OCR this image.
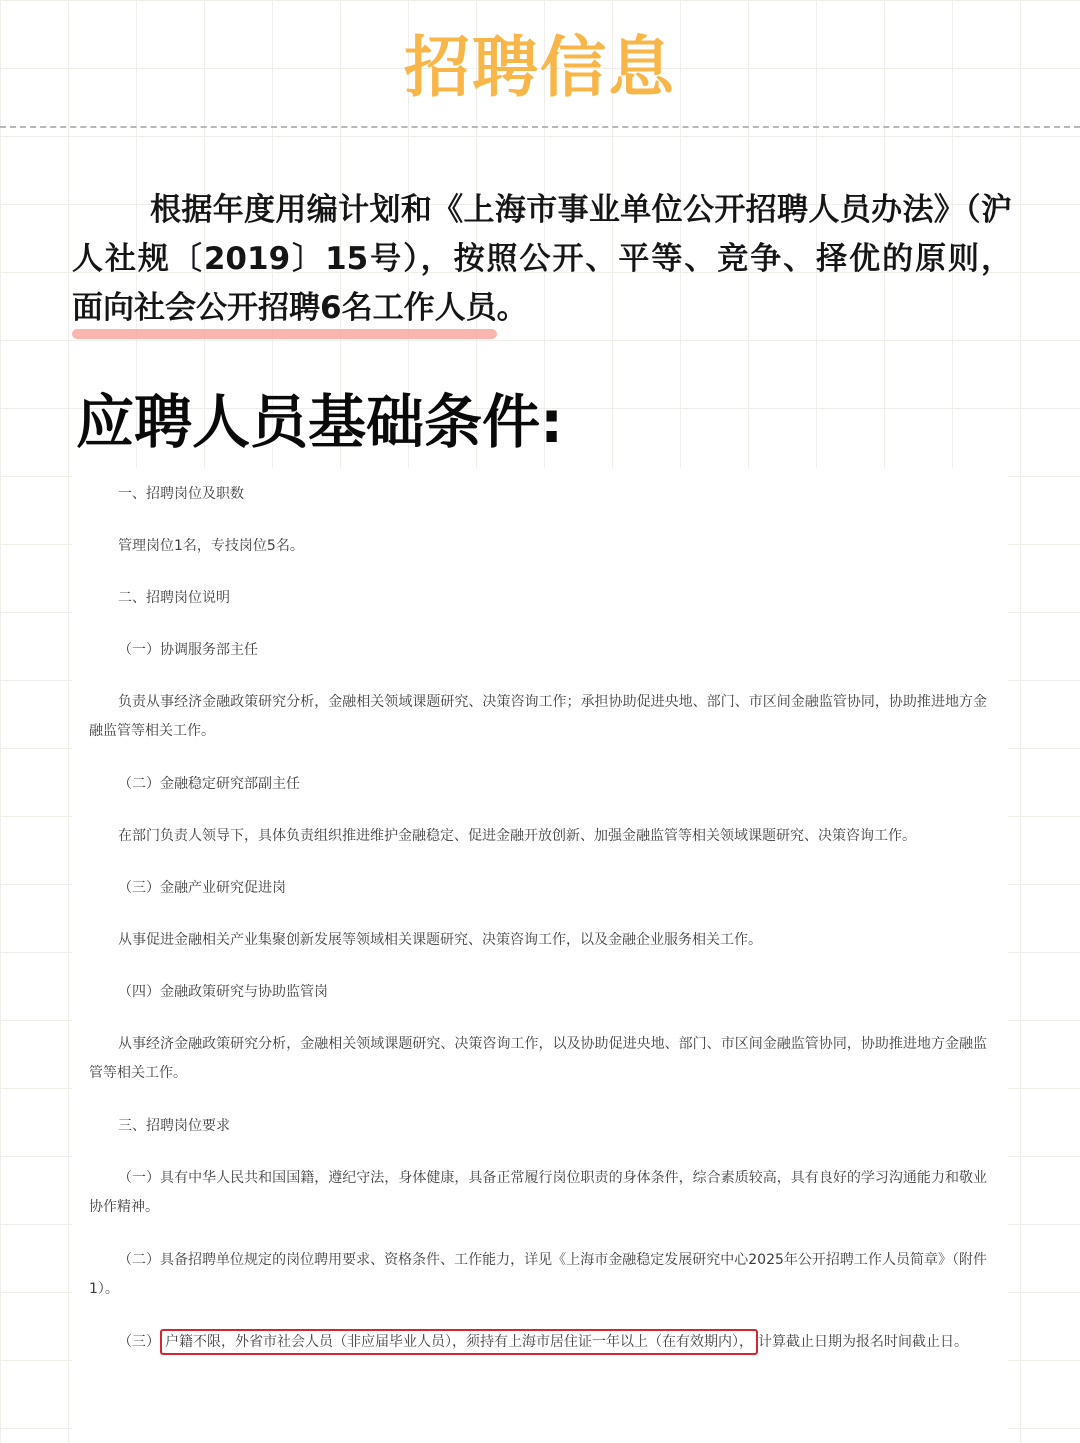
招聘信息

根据年度用编计划和《上海市事业单位公开招聘人员办法》（沪人社规〔2019〕15号），按照公开、平等、竞争、择优的原则，
面向社会公开招聘6名工作人员。

应聘人员基础条件:
一、招聘岗位及职数
管理岗位1名，专技岗位5名。
二、招聘岗位说明
（一）协调服务部主任
负责从事经济金融政策研究分析，金融相关领域课题研究、决策咨询工作；承担协助促进央地、部门、市区间金融监管协同，协助推进地方金融监管等相关工作。
（二）金融稳定研究部副主任
在部门负责人领导下，具体负责组织推进维护金融稳定、促进金融开放创新、加强金融监管等相关领域课题研究、决策咨询工作。
（三）金融产业研究促进岗
从事促进金融相关产业集聚创新发展等领域相关课题研究、决策咨询工作，以及金融企业服务相关工作。
（四）金融政策研究与协助监管岗
从事经济金融政策研究分析，金融相关领域课题研究、决策咨询工作，以及协助促进央地、部门、市区间金融监管协同，协助推进地方金融监管等相关工作。
三、招聘岗位要求
（一）具有中华人民共和国国籍，遵纪守法，身体健康，具备正常履行岗位职责的身体条件，综合素质较高，具有良好的学习沟通能力和敬业协作精神。
（二）具备招聘单位规定的岗位聘用要求、资格条件、工作能力，详见《上海市金融稳定发展研究中心2025年公开招聘工作人员简章》（附件1）。
（三） 户籍不限，外省市社会人员（非应届毕业人员），须持有上海市居住证一年以上（在有效期内）， 计算截止日期为报名时间截止日。
